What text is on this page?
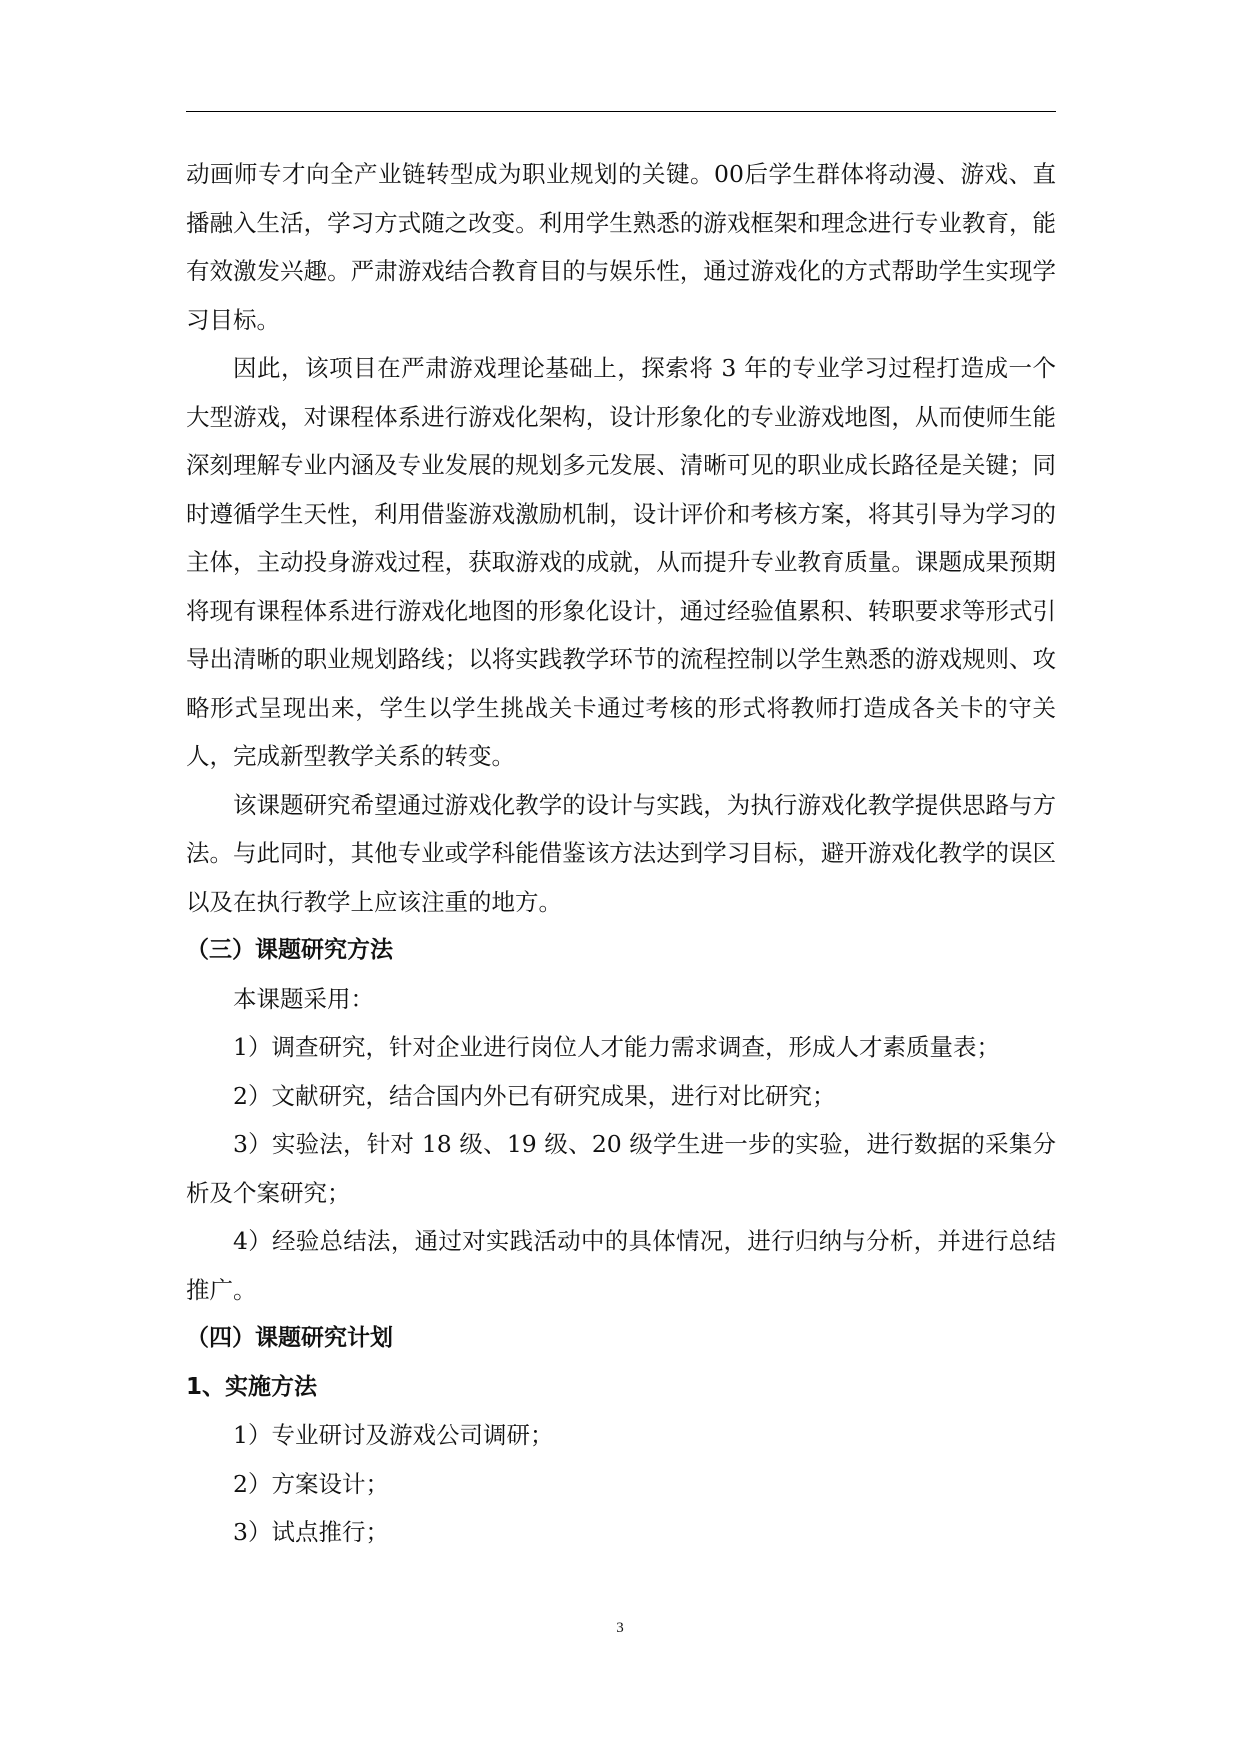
动画师专才向全产业链转型成为职业规划的关键。00后学生群体将动漫、游戏、直播融入生活，学习方式随之改变。利用学生熟悉的游戏框架和理念进行专业教育，能有效激发兴趣。严肃游戏结合教育目的与娱乐性，通过游戏化的方式帮助学生实现学习目标。

因此，该项目在严肃游戏理论基础上，探索将 3 年的专业学习过程打造成一个大型游戏，对课程体系进行游戏化架构，设计形象化的专业游戏地图，从而使师生能深刻理解专业内涵及专业发展的规划多元发展、清晰可见的职业成长路径是关键；同时遵循学生天性，利用借鉴游戏激励机制，设计评价和考核方案，将其引导为学习的主体，主动投身游戏过程，获取游戏的成就，从而提升专业教育质量。课题成果预期将现有课程体系进行游戏化地图的形象化设计，通过经验值累积、转职要求等形式引导出清晰的职业规划路线；以将实践教学环节的流程控制以学生熟悉的游戏规则、攻略形式呈现出来，学生以学生挑战关卡通过考核的形式将教师打造成各关卡的守关人，完成新型教学关系的转变。

该课题研究希望通过游戏化教学的设计与实践，为执行游戏化教学提供思路与方法。与此同时，其他专业或学科能借鉴该方法达到学习目标，避开游戏化教学的误区以及在执行教学上应该注重的地方。

（三）课题研究方法

本课题采用：

1）调查研究，针对企业进行岗位人才能力需求调查，形成人才素质量表；

2）文献研究，结合国内外已有研究成果，进行对比研究；

3）实验法，针对 18 级、19 级、20 级学生进一步的实验，进行数据的采集分析及个案研究；

4）经验总结法，通过对实践活动中的具体情况，进行归纳与分析，并进行总结推广。

（四）课题研究计划

1、实施方法

1）专业研讨及游戏公司调研；

2）方案设计；

3）试点推行；

3
